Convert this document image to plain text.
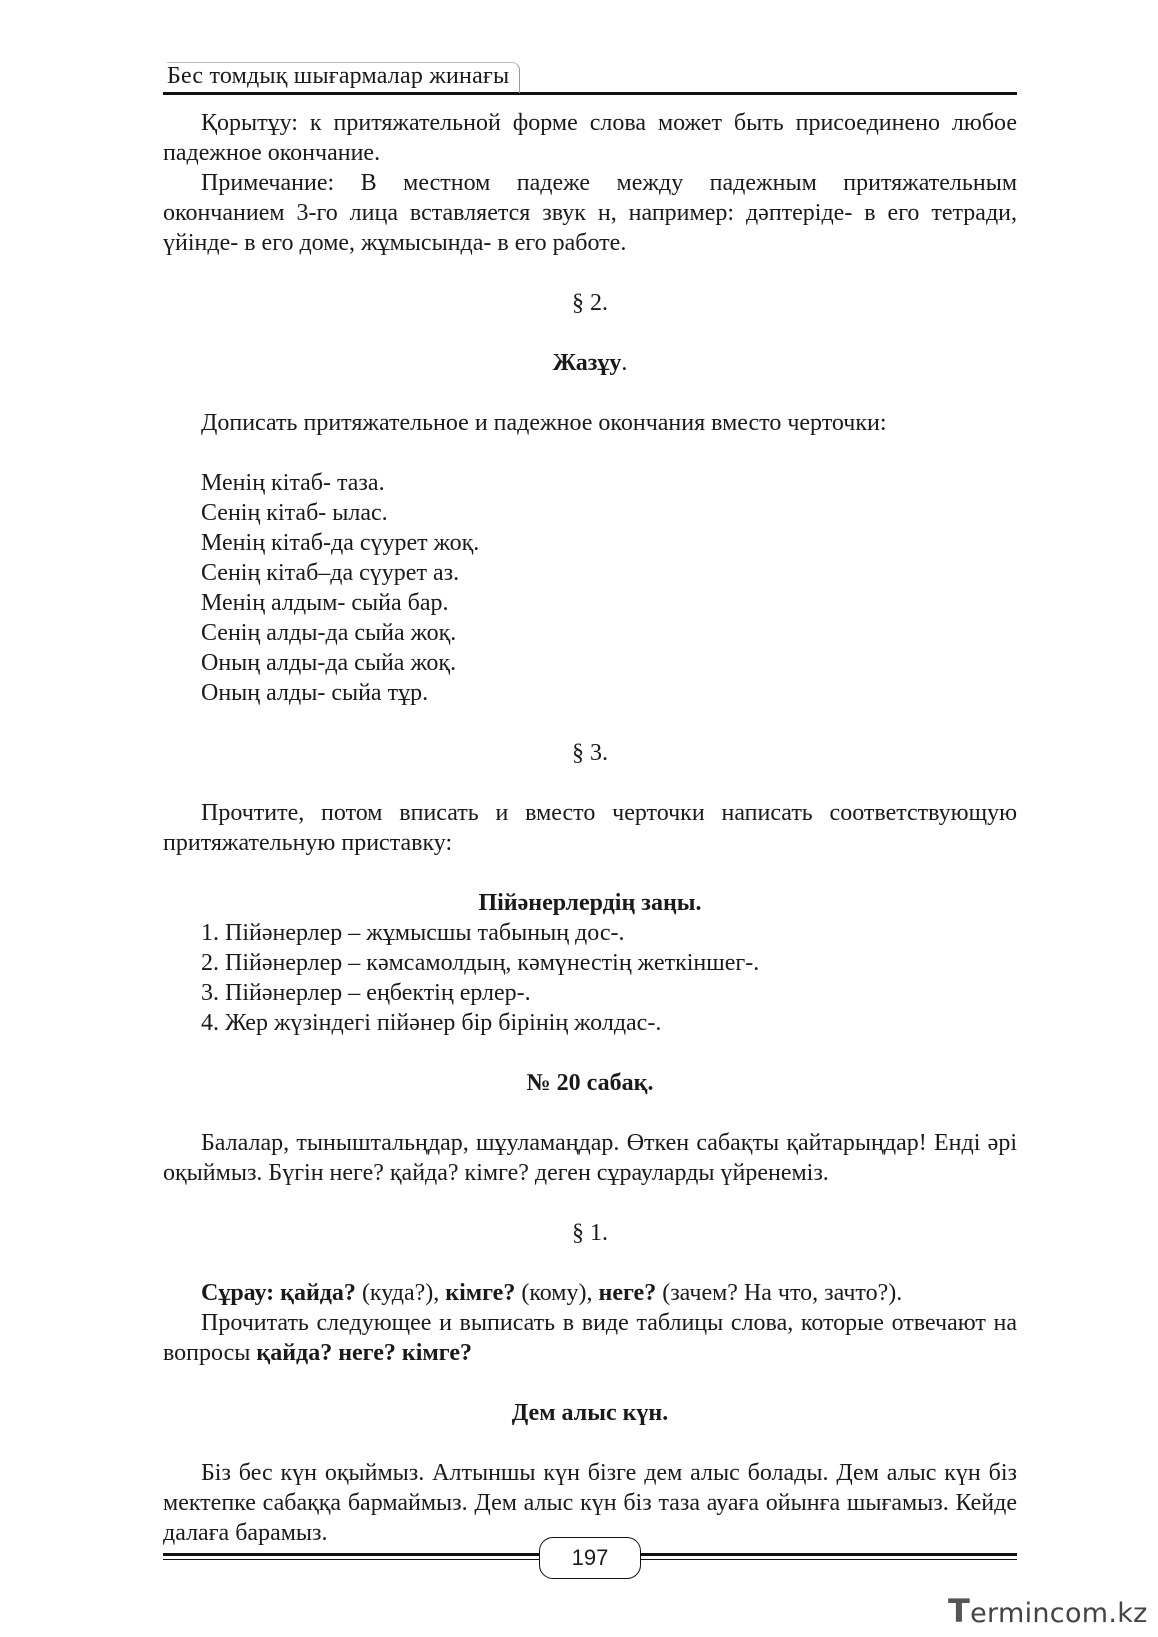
Бес томдық шығармалар жинағы

Қорытұу: к притяжательной форме слова может быть присоединено любое падежное окончание.

Примечание: В местном падеже между падежным притяжательным окончанием 3-го лица вставляется звук н, например: дәптеріде- в его тетради, үйінде- в его доме, жұмысында- в его работе.

§ 2.

Жазұу.

Дописать притяжательное и падежное окончания вместо черточки:

Менің кітаб- таза.
Сенің кітаб- ылас.
Менің кітаб-да сүурет жоқ.
Сенің кітаб–да сүурет аз.
Менің алдым- сыйа бар.
Сенің алды-да сыйа жоқ.
Оның алды-да сыйа жоқ.
Оның алды- сыйа тұр.

§ 3.

Прочтите, потом вписать и вместо черточки написать соответствующую притяжательную приставку:

Пійәнерлердің заңы.

1. Пійәнерлер – жұмысшы табының дос-.
2. Пійәнерлер – кәмсамолдың, кәмүнестің жеткіншег-.
3. Пійәнерлер – еңбектің ерлер-.
4. Жер жүзіндегі пійәнер бір бірінің жолдас-.

№ 20 сабақ.

Балалар, тыныштальңдар, шұуламаңдар. Өткен сабақты қайтарыңдар! Енді әрі оқыймыз. Бүгін неге? қайда? кімге? деген сұрауларды үйренеміз.

§ 1.

Сұрау: қайда? (куда?), кімге? (кому), неге? (зачем? На что, зачто?).

Прочитать следующее и выписать в виде таблицы слова, которые отвечают на вопросы қайда? неге? кімге?

Дем алыс күн.

Біз бес күн оқыймыз. Алтыншы күн бізге дем алыс болады. Дем алыс күн біз мектепке сабаққа бармаймыз. Дем алыс күн біз таза ауаға ойынға шығамыз. Кейде далаға барамыз.

197
Termincоm.kz
